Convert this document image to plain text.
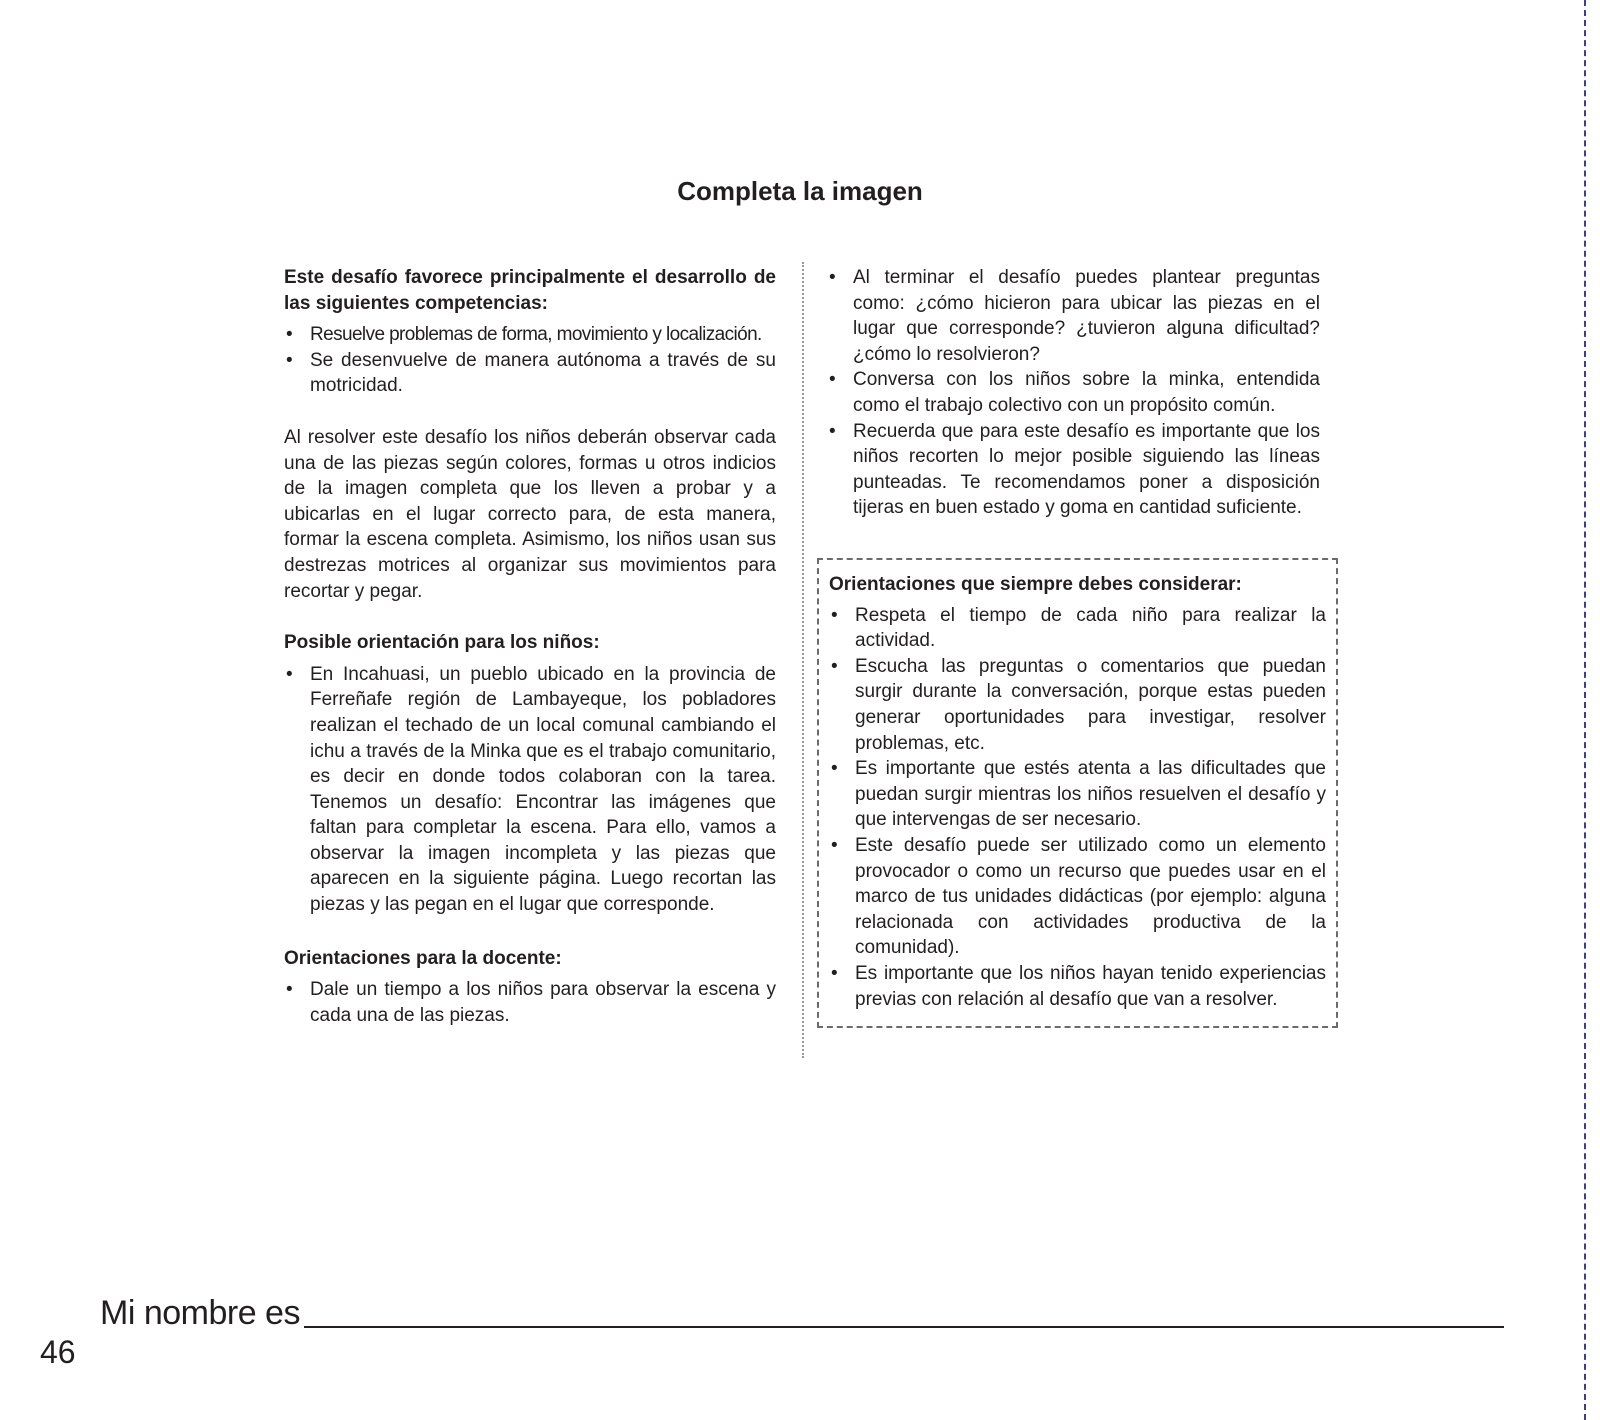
Completa la imagen

Este desafío favorece principalmente el desarrollo de las siguientes competencias:

• Resuelve problemas de forma, movimiento y localización.
• Se desenvuelve de manera autónoma a través de su motricidad.

Al resolver este desafío los niños deberán observar cada una de las piezas según colores, formas u otros indicios de la imagen completa que los lleven a probar y a ubicarlas en el lugar correcto para, de esta manera, formar la escena completa. Asimismo, los niños usan sus destrezas motrices al organizar sus movimientos para recortar y pegar.

Posible orientación para los niños:

• En Incahuasi, un pueblo ubicado en la provincia de Ferreñafe región de Lambayeque, los pobladores realizan el techado de un local comunal cambiando el ichu a través de la Minka que es el trabajo comunitario, es decir en donde todos colaboran con la tarea. Tenemos un desafío: Encontrar las imágenes que faltan para completar la escena. Para ello, vamos a observar la imagen incompleta y las piezas que aparecen en la siguiente página. Luego recortan las piezas y las pegan en el lugar que corresponde.

Orientaciones para la docente:

• Dale un tiempo a los niños para observar la escena y cada una de las piezas.
• Al terminar el desafío puedes plantear preguntas como: ¿cómo hicieron para ubicar las piezas en el lugar que corresponde? ¿tuvieron alguna dificultad? ¿cómo lo resolvieron?
• Conversa con los niños sobre la minka, entendida como el trabajo colectivo con un propósito común.
• Recuerda que para este desafío es importante que los niños recorten lo mejor posible siguiendo las líneas punteadas. Te recomendamos poner a disposición tijeras en buen estado y goma en cantidad suficiente.

Orientaciones que siempre debes considerar:

• Respeta el tiempo de cada niño para realizar la actividad.
• Escucha las preguntas o comentarios que puedan surgir durante la conversación, porque estas pueden generar oportunidades para investigar, resolver problemas, etc.
• Es importante que estés atenta a las dificultades que puedan surgir mientras los niños resuelven el desafío y que intervengas de ser necesario.
• Este desafío puede ser utilizado como un elemento provocador o como un recurso que puedes usar en el marco de tus unidades didácticas (por ejemplo: alguna relacionada con actividades productiva de la comunidad).
• Es importante que los niños hayan tenido experiencias previas con relación al desafío que van a resolver.

Mi nombre es

46
